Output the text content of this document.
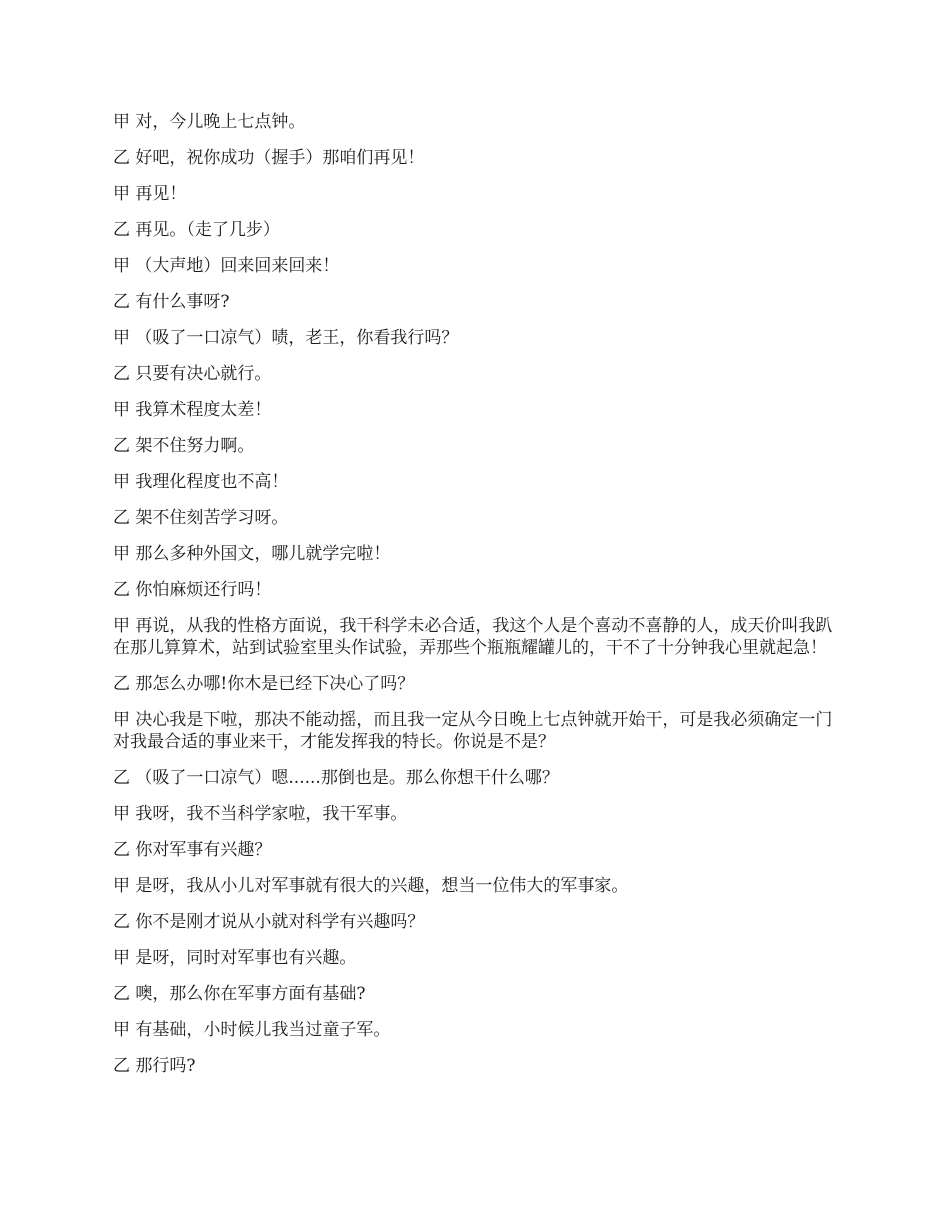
甲 对，今儿晚上七点钟。

乙 好吧，祝你成功（握手）那咱们再见！

甲 再见！

乙 再见。（走了几步）

甲 （大声地）回来回来回来！

乙 有什么事呀?

甲 （吸了一口凉气）啧，老王，你看我行吗？

乙 只要有决心就行。

甲 我算术程度太差！

乙 架不住努力啊。

甲 我理化程度也不高！

乙 架不住刻苦学习呀。

甲 那么多种外国文，哪儿就学完啦！

乙 你怕麻烦还行吗！

甲 再说，从我的性格方面说，我干科学未必合适，我这个人是个喜动不喜静的人，成天价叫我趴在那儿算算术，站到试验室里头作试验，弄那些个瓶瓶耀罐儿的，干不了十分钟我心里就起急！

乙 那怎么办哪!你木是已经下决心了吗？

甲 决心我是下啦，那决不能动摇，而且我一定从今日晚上七点钟就开始干，可是我必须确定一门对我最合适的事业来干，才能发挥我的特长。你说是不是？

乙 （吸了一口凉气）嗯......那倒也是。那么你想干什么哪？

甲 我呀，我不当科学家啦，我干军事。

乙 你对军事有兴趣？

甲 是呀，我从小儿对军事就有很大的兴趣，想当一位伟大的军事家。

乙 你不是刚才说从小就对科学有兴趣吗？

甲 是呀，同时对军事也有兴趣。

乙 噢，那么你在军事方面有基础?

甲 有基础，小时候儿我当过童子军。

乙 那行吗?
